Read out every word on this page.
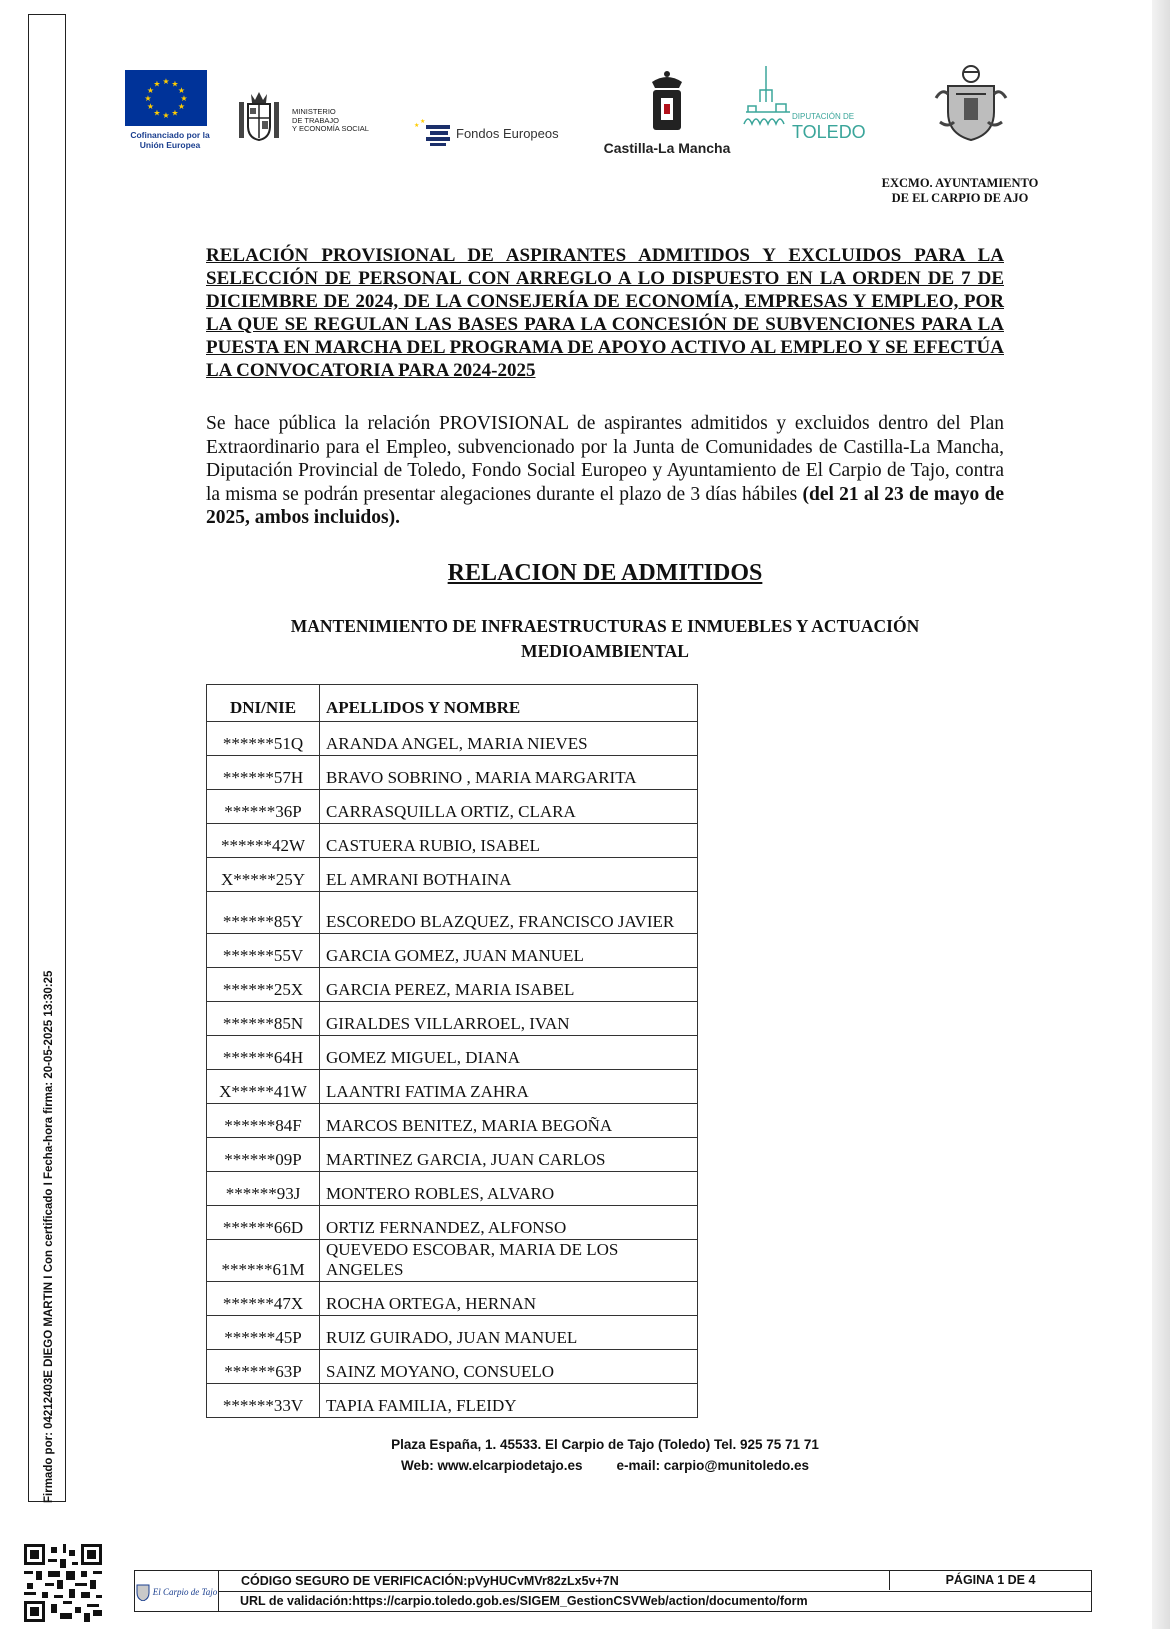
Firmado por: 04212403E DIEGO MARTIN I Con certificado I Fecha-hora firma: 20-05-2025 13:30:25
★ ★
★
★
★
★
★
★
★
★
★
★
Cofinanciado por la Unión Europea
MINISTERIO
DE TRABAJO
Y ECONOMÍA SOCIAL	★
★
Fondos Europeos
Castilla-La Mancha
DIPUTACIÓN DE
TOLEDO
EXCMO. AYUNTAMIENTO
DE EL CARPIO DE AJO
RELACIÓN PROVISIONAL DE ASPIRANTES ADMITIDOS Y EXCLUIDOS PARA LA SELECCIÓN DE PERSONAL CON ARREGLO A LO DISPUESTO EN LA ORDEN DE 7 DE DICIEMBRE DE 2024, DE LA CONSEJERÍA DE ECONOMÍA, EMPRESAS Y EMPLEO, POR LA QUE SE REGULAN LAS BASES PARA LA CONCESIÓN DE SUBVENCIONES PARA LA PUESTA EN MARCHA DEL PROGRAMA DE APOYO ACTIVO AL EMPLEO Y SE EFECTÚA LA CONVOCATORIA PARA 2024-2025
Se hace pública la relación PROVISIONAL de aspirantes admitidos y excluidos dentro del Plan Extraordinario para el Empleo, subvencionado por la Junta de Comunidades de Castilla-La Mancha, Diputación Provincial de Toledo, Fondo Social Europeo y Ayuntamiento de El Carpio de Tajo, contra la misma se podrán presentar alegaciones durante el plazo de 3 días hábiles (del 21 al 23 de mayo de 2025, ambos incluidos).
RELACION DE ADMITIDOS
MANTENIMIENTO DE INFRAESTRUCTURAS E INMUEBLES Y ACTUACIÓN
MEDIOAMBIENTAL
DNI/NIE	APELLIDOS Y NOMBRE
******51Q	ARANDA ANGEL, MARIA NIEVES
******57H	BRAVO SOBRINO , MARIA MARGARITA
******36P	CARRASQUILLA ORTIZ, CLARA
******42W	CASTUERA RUBIO, ISABEL
X*****25Y	EL AMRANI BOTHAINA
******85Y	ESCOREDO BLAZQUEZ, FRANCISCO JAVIER
******55V	GARCIA GOMEZ, JUAN MANUEL
******25X	GARCIA PEREZ, MARIA ISABEL
******85N	GIRALDES VILLARROEL, IVAN
******64H	GOMEZ MIGUEL, DIANA
X*****41W	LAANTRI FATIMA ZAHRA
******84F	MARCOS BENITEZ, MARIA BEGOÑA
******09P	MARTINEZ GARCIA, JUAN CARLOS
******93J	MONTERO ROBLES, ALVARO
******66D	ORTIZ FERNANDEZ, ALFONSO
******61M	QUEVEDO ESCOBAR, MARIA DE LOS ANGELES
******47X	ROCHA ORTEGA, HERNAN
******45P	RUIZ GUIRADO, JUAN MANUEL
******63P	SAINZ MOYANO, CONSUELO
******33V	TAPIA FAMILIA, FLEIDY
Plaza España, 1. 45533. El Carpio de Tajo (Toledo) Tel. 925 75 71 71
Web: www.elcarpiodetajo.es	e-mail: carpio@munitoledo.es
El Carpio de Tajo
CÓDIGO SEGURO DE VERIFICACIÓN:pVyHUCvMVr82zLx5v+7N	PÁGINA 1 DE 4
URL de validación:https://carpio.toledo.gob.es/SIGEM_GestionCSVWeb/action/documento/form
